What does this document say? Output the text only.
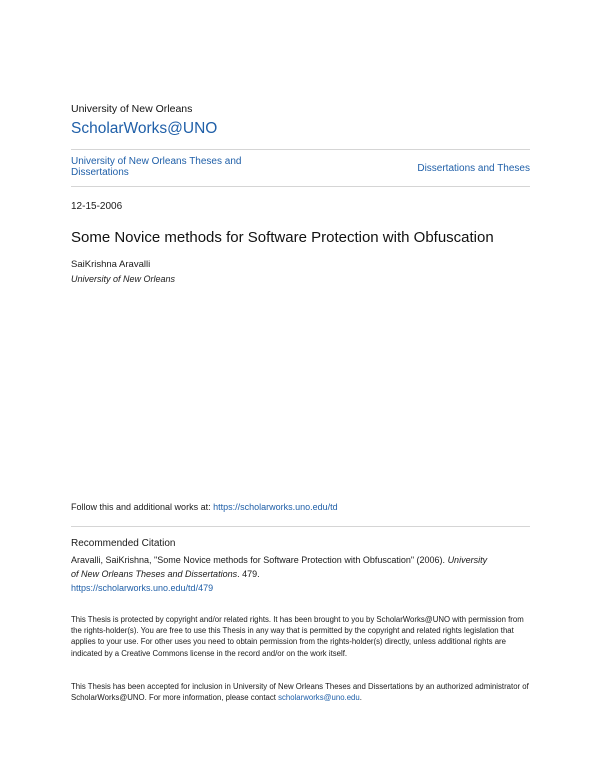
University of New Orleans
ScholarWorks@UNO
University of New Orleans Theses and Dissertations	Dissertations and Theses
12-15-2006
Some Novice methods for Software Protection with Obfuscation
SaiKrishna Aravalli
University of New Orleans
Follow this and additional works at: https://scholarworks.uno.edu/td
Recommended Citation
Aravalli, SaiKrishna, "Some Novice methods for Software Protection with Obfuscation" (2006). University
of New Orleans Theses and Dissertations. 479.
https://scholarworks.uno.edu/td/479
This Thesis is protected by copyright and/or related rights. It has been brought to you by ScholarWorks@UNO with permission from the rights-holder(s). You are free to use this Thesis in any way that is permitted by the copyright and related rights legislation that applies to your use. For other uses you need to obtain permission from the rights-holder(s) directly, unless additional rights are indicated by a Creative Commons license in the record and/or on the work itself.
This Thesis has been accepted for inclusion in University of New Orleans Theses and Dissertations by an authorized administrator of ScholarWorks@UNO. For more information, please contact scholarworks@uno.edu.
